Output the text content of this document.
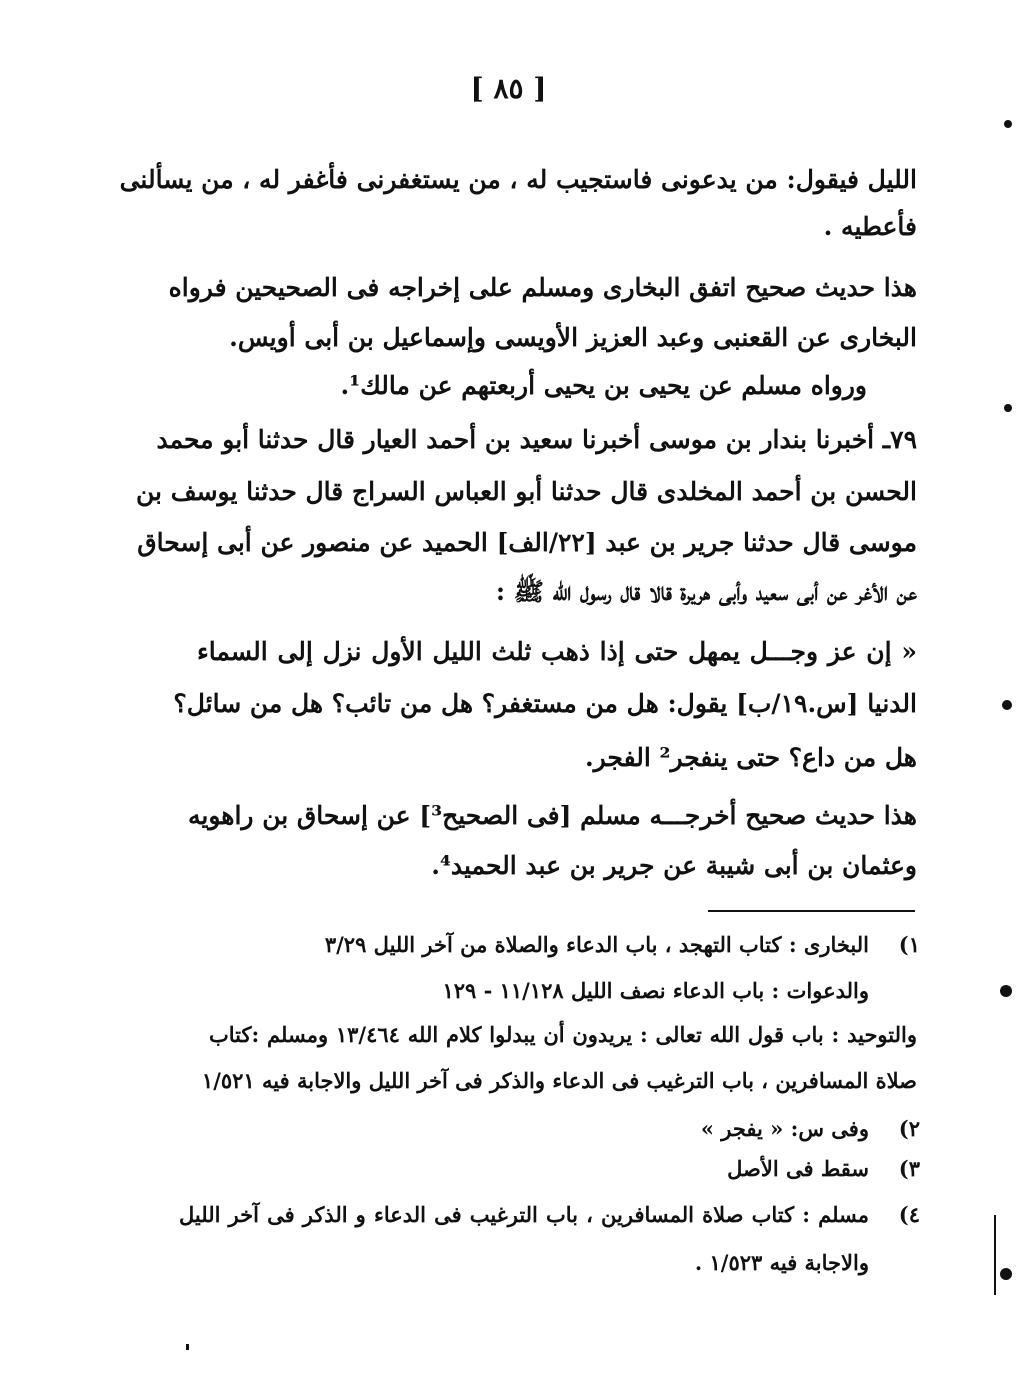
[ ٨٥ ]
الليل فيقول: من يدعونى فاستجيب له ، من يستغفرنى فأغفر له ، من يسألنى
فأعطيه .
هذا حديث صحيح اتفق البخارى ومسلم على إخراجه فى الصحيحين فرواه
البخارى عن القعنبى وعبد العزيز الأويسى وإسماعيل بن أبى أويس.
ورواه مسلم عن يحيى بن يحيى أربعتهم عن مالك¹.
٧٩ـ أخبرنا بندار بن موسى أخبرنا سعيد بن أحمد العيار قال حدثنا أبو محمد
الحسن بن أحمد المخلدى قال حدثنا أبو العباس السراج قال حدثنا يوسف بن
موسى قال حدثنا جرير بن عبد [٢٢/الف] الحميد عن منصور عن أبى إسحاق
عن الأغر عن أبى سعيد وأبى هريرة قالا قال رسول الله ﷺ :
« إن عز وجـــل يمهل حتى إذا ذهب ثلث الليل الأول نزل إلى السماء
الدنيا [س.١٩/ب] يقول: هل من مستغفر؟ هل من تائب؟ هل من سائل؟
هل من داع؟ حتى ينفجر² الفجر.
هذا حديث صحيح أخرجـــه مسلم [فى الصحيح³] عن إسحاق بن راهويه
وعثمان بن أبى شيبة عن جرير بن عبد الحميد⁴.
١)
البخارى : كتاب التهجد ، باب الدعاء والصلاة من آخر الليل ٣/٢٩
والدعوات : باب الدعاء نصف الليل ١١/١٢٨ - ١٢٩
والتوحيد : باب قول الله تعالى : يريدون أن يبدلوا كلام الله ١٣/٤٦٤ ومسلم :كتاب
صلاة المسافرين ، باب الترغيب فى الدعاء والذكر فى آخر الليل والاجابة فيه ١/٥٢١
٢)
وفى س: « يفجر »
٣)
سقط فى الأصل
٤)
مسلم : كتاب صلاة المسافرين ، باب الترغيب فى الدعاء و الذكر فى آخر الليل
والاجابة فيه ١/٥٢٣ .
